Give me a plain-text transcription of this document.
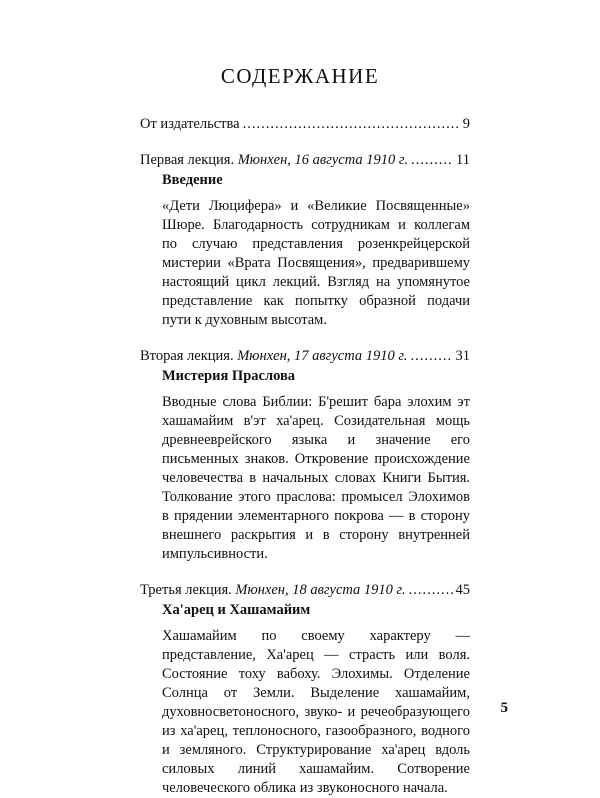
СОДЕРЖАНИЕ
От издательства .....	9
Первая лекция. Мюнхен, 16 августа 1910 г. .....	11
Введение
«Дети Люцифера» и «Великие Посвященные» Шюре. Благодарность сотрудникам и коллегам по случаю представления розенкрейцерской мистерии «Врата Посвящения», предварившему настоящий цикл лекций. Взгляд на упомянутое представление как попытку образной подачи пути к духовным высотам.
Вторая лекция. Мюнхен, 17 августа 1910 г. .....	31
Мистерия Праслова
Вводные слова Библии: Б'решит бара элохим эт хашамайим в'эт ха'арец. Созидательная мощь древнееврейского языка и значение его письменных знаков. Откровение происхождение человечества в начальных словах Книги Бытия. Толкование этого праслова: промысел Элохимов в прядении элементарного покрова — в сторону внешнего раскрытия и в сторону внутренней импульсивности.
Третья лекция. Мюнхен, 18 августа 1910 г. .....	45
Ха'арец и Хашамайим
Хашамайим по своему характеру — представление, Ха'арец — страсть или воля. Состояние тоху вабоху. Элохимы. Отделение Солнца от Земли. Выделение хашамайим, духовносветоносного, звуко- и речеобразующего из ха'арец, теплоносного, газообразного, водного и земляного. Структурирование ха'арец вдоль силовых линий хашамайим. Сотворение человеческого облика из звуконосного начала.
5
